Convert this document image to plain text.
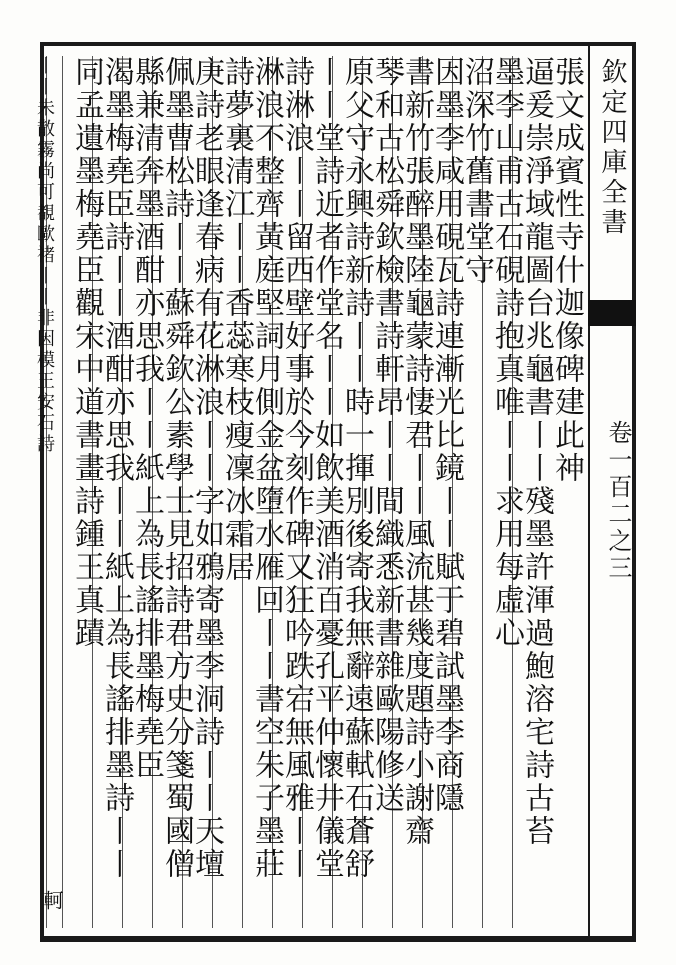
欽定四庫全書
卷一百二之三
張文成賓性寺什迦像碑建此神
逼爰崇淨域龍圖台兆龜書丨丨殘墨許渾過鮑溶宅詩古苔
墨李山甫古石硯詩抱真唯丨丨求用每虛心
沼深竹舊書堂守
因墨李咸用硯瓦詩連漸光比鏡丨丨賦于碧試墨李商隱
書新竹張醉墨陸龜蒙詩悽君丨丨風流甚幾度題詩小謝齋
琴和古松舜欽檢書詩軒昂丨丨間織悉新書雜歐陽修送
原父守永興詩新詩丨丨時一揮別後寄我無辭遠蘇軾石蒼舒
丨丨堂詩近者作堂名丨丨如飲美酒消百憂孔平仲懷井儀堂
詩淋浪丨丨留西壁好事於今刻作碑又狂吟跌宕無風雅丨丨
淋浪不整齊黃庭堅詞月側金盆墮水雁回丨丨書空朱子墨莊
詩夢裏清江丨丨香蕊寒枝瘦凜冰霜居
庚詩老眼逢春病有花淋浪丨丨字如鴉寄墨李洞詩丨丨天壇
佩墨曹松詩丨丨蘇舜欽公素學士見招詩君方史分箋蜀國僧
縣兼清奔墨酒酣亦思我丨丨紙上為長謠排墨梅堯臣
渴墨梅堯臣詩丨丨酒酣亦思我丨丨紙上為長謠排墨詩丨丨
同孟遺墨梅堯臣觀宋中道書畫詩鍾王真蹟
丨丨未散霧尚可覩歐褚丨丨非因模王安石詩
軻
